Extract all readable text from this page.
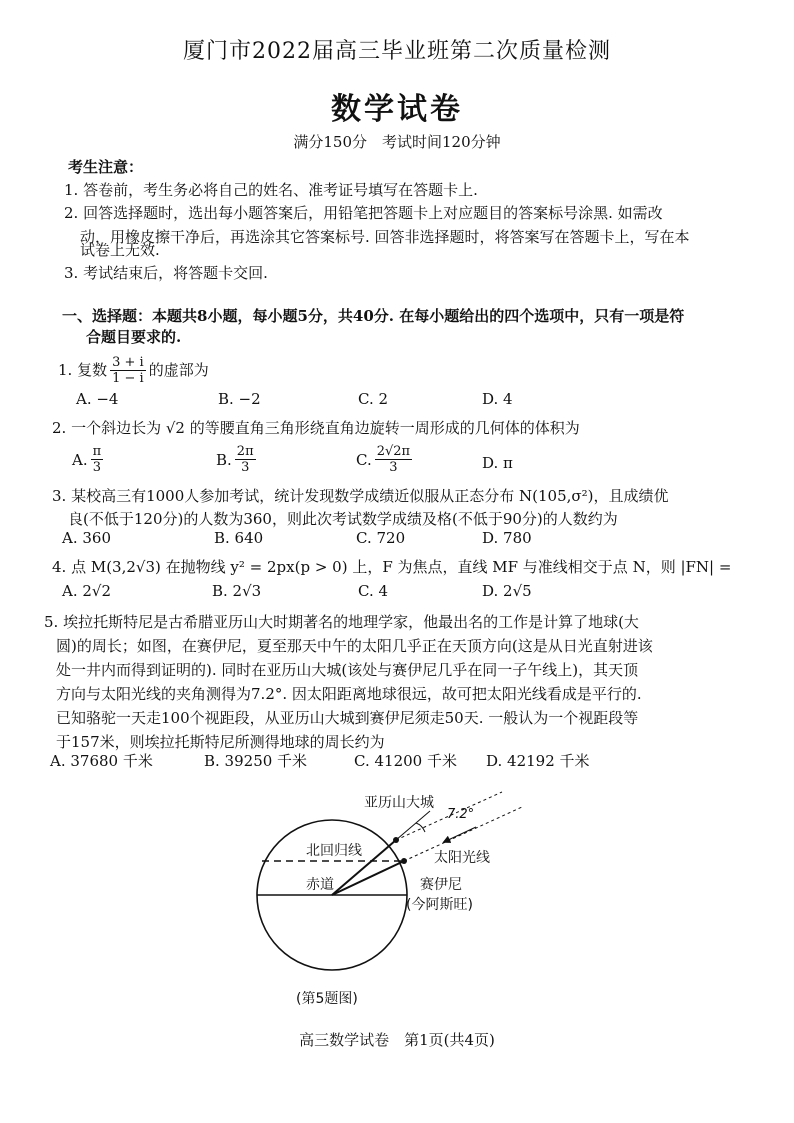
厦门市2022届高三毕业班第二次质量检测
数学试卷
满分150分　考试时间120分钟
考生注意：
1. 答卷前，考生务必将自己的姓名、准考证号填写在答题卡上.
2. 回答选择题时，选出每小题答案后，用铅笔把答题卡上对应题目的答案标号涂黑. 如需改
动，用橡皮擦干净后，再选涂其它答案标号. 回答非选择题时，将答案写在答题卡上，写在本
试卷上无效.
3. 考试结束后，将答题卡交回.
一、选择题：本题共8小题，每小题5分，共40分. 在每小题给出的四个选项中，只有一项是符
合题目要求的.
1. 复数 $\frac{3 + i}{1 - i}$ 的虚部为
A. −4	B. −2	C. 2	D. 4
2. 一个斜边长为 √2 的等腰直角三角形绕直角边旋转一周形成的几何体的体积为
A. $\frac{\pi}{3}$	B. $\frac{2\pi}{3}$	C. $\frac{2√2\pi}{3}$	D. π
3. 某校高三有1000人参加考试，统计发现数学成绩近似服从正态分布 N(105,σ²)，且成绩优
良(不低于120分)的人数为360，则此次考试数学成绩及格(不低于90分)的人数约为
A. 360	B. 640	C. 720	D. 780
4. 点 M(3,2√3) 在抛物线 y² = 2px(p > 0) 上，F 为焦点，直线 MF 与准线相交于点 N，则 |FN| =
A. 2√2	B. 2√3	C. 4	D. 2√5
5. 埃拉托斯特尼是古希腊亚历山大时期著名的地理学家，他最出名的工作是计算了地球(大
圆)的周长；如图，在赛伊尼，夏至那天中午的太阳几乎正在天顶方向(这是从日光直射进该
处一井内而得到证明的). 同时在亚历山大城(该处与赛伊尼几乎在同一子午线上)，其天顶
方向与太阳光线的夹角测得为7.2°. 因太阳距离地球很远，故可把太阳光线看成是平行的.
已知骆驼一天走100个视距段，从亚历山大城到赛伊尼须走50天. 一般认为一个视距段等
于157米，则埃拉托斯特尼所测得地球的周长约为
A. 37680 千米	B. 39250 千米	C. 41200 千米 D. 42192 千米
亚历山大城
7.2°
北回归线	太阳光线
赤道	赛伊尼
(今阿斯旺)
(第5题图)
高三数学试卷　第1页(共4页)
